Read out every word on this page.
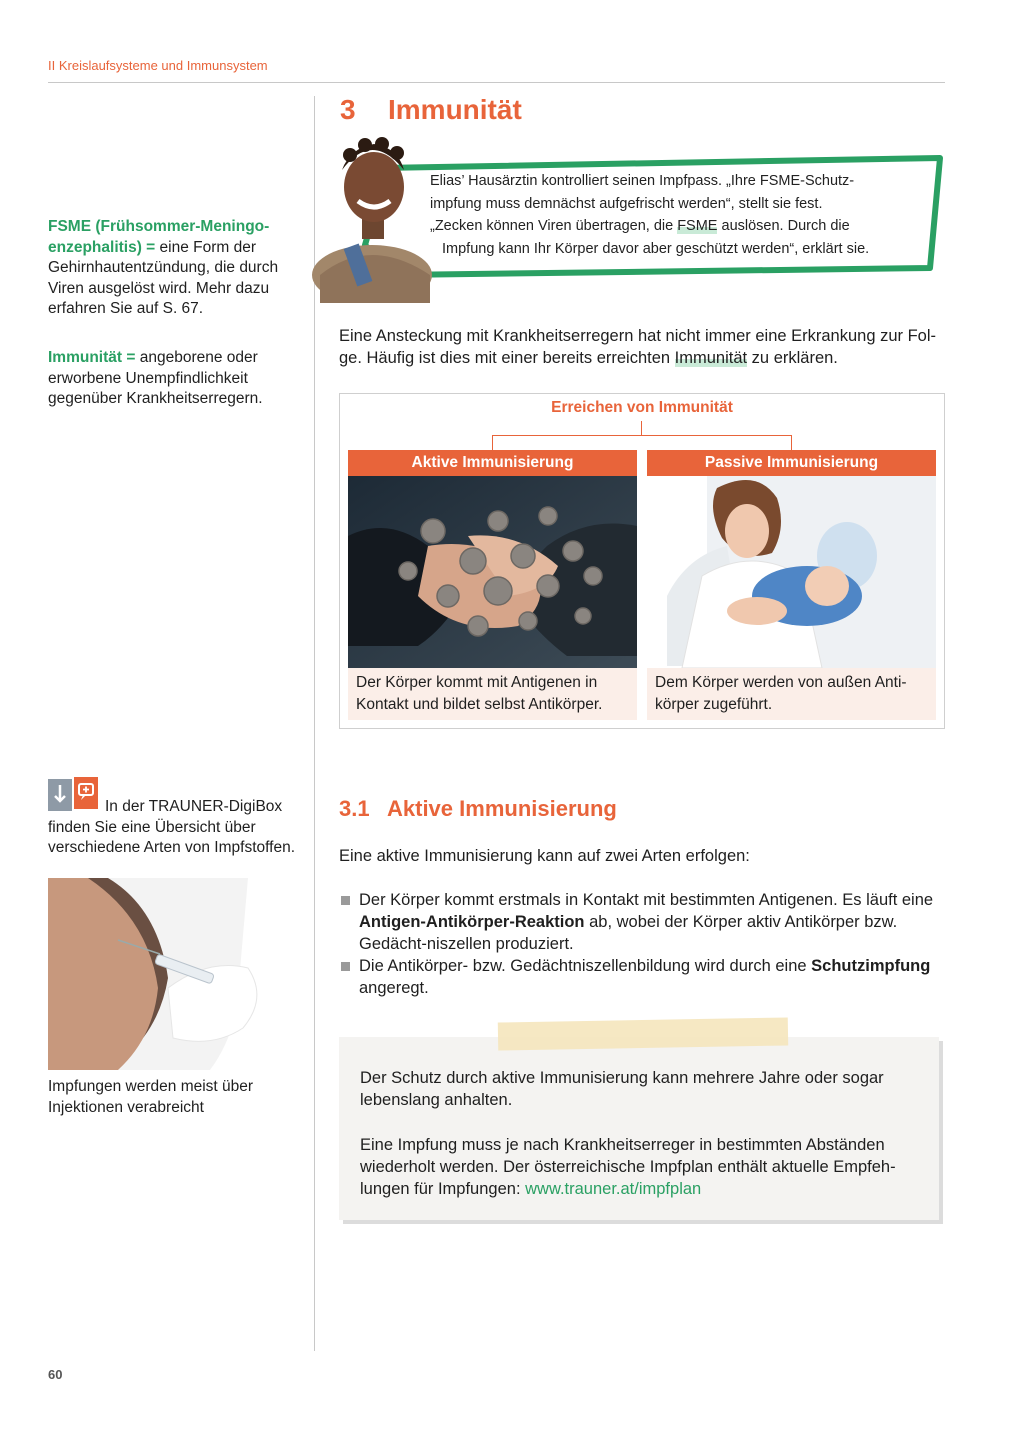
II Kreislaufsysteme und Immunsystem
FSME (Frühsommer-Meningo-enzephalitis) = eine Form der Gehirnhautentzündung, die durch Viren ausgelöst wird. Mehr dazu erfahren Sie auf S. 67.
Immunität = angeborene oder erworbene Unempfindlichkeit gegenüber Krankheitserregern.
In der TRAUNER-DigiBox finden Sie eine Übersicht über verschiedene Arten von Impfstoffen.
Impfungen werden meist über Injektionen verabreicht
3 Immunität
Elias’ Hausärztin kontrolliert seinen Impfpass. „Ihre FSME-Schutz-
impfung muss demnächst aufgefrischt werden“, stellt sie fest.
„Zecken können Viren übertragen, die FSME auslösen. Durch die
Impfung kann Ihr Körper davor aber geschützt werden“, erklärt sie.
Eine Ansteckung mit Krankheitserregern hat nicht immer eine Erkrankung zur Fol-ge. Häufig ist dies mit einer bereits erreichten Immunität zu erklären.
Erreichen von Immunität
Aktive Immunisierung
Der Körper kommt mit Antigenen in Kontakt und bildet selbst Antikörper.
Passive Immunisierung
Dem Körper werden von außen Anti-körper zugeführt.
3.1 Aktive Immunisierung
Eine aktive Immunisierung kann auf zwei Arten erfolgen:
Der Körper kommt erstmals in Kontakt mit bestimmten Antigenen. Es läuft eine Antigen-Antikörper-Reaktion ab, wobei der Körper aktiv Antikörper bzw. Gedächt-niszellen produziert.
Die Antikörper- bzw. Gedächtniszellenbildung wird durch eine Schutzimpfung angeregt.
Der Schutz durch aktive Immunisierung kann mehrere Jahre oder sogar lebenslang anhalten.
Eine Impfung muss je nach Krankheitserreger in bestimmten Abständen wiederholt werden. Der österreichische Impfplan enthält aktuelle Empfeh-lungen für Impfungen: www.trauner.at/impfplan
60
